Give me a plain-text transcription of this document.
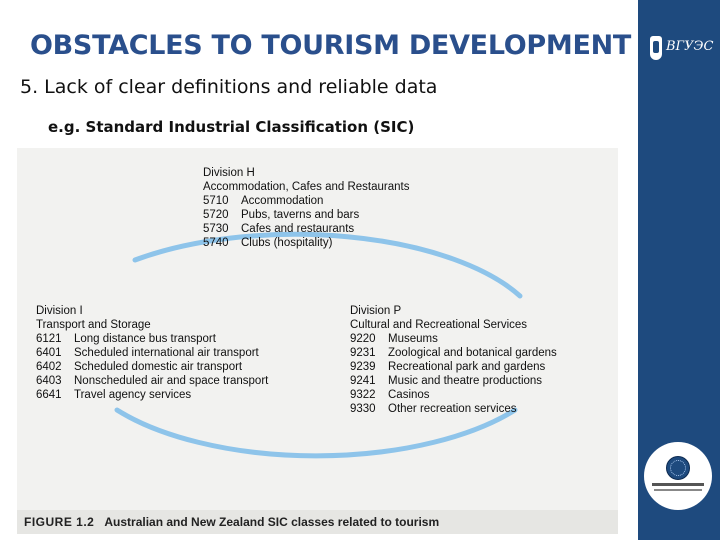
OBSTACLES TO TOURISM DEVELOPMENT
5. Lack of clear definitions and reliable data
e.g. Standard Industrial Classification (SIC)
ВГУЭС
Division H
Accommodation, Cafes and Restaurants
5710	Accommodation
5720	Pubs, taverns and bars
5730	Cafes and restaurants
5740	Clubs (hospitality)
Division I
Transport and Storage
6121	Long distance bus transport
6401	Scheduled international air transport
6402	Scheduled domestic air transport
6403	Nonscheduled air and space transport
6641	Travel agency services
Division P
Cultural and Recreational Services
9220	Museums
9231	Zoological and botanical gardens
9239	Recreational park and gardens
9241	Music and theatre productions
9322	Casinos
9330	Other recreation services
FIGURE 1.2 Australian and New Zealand SIC classes related to tourism
